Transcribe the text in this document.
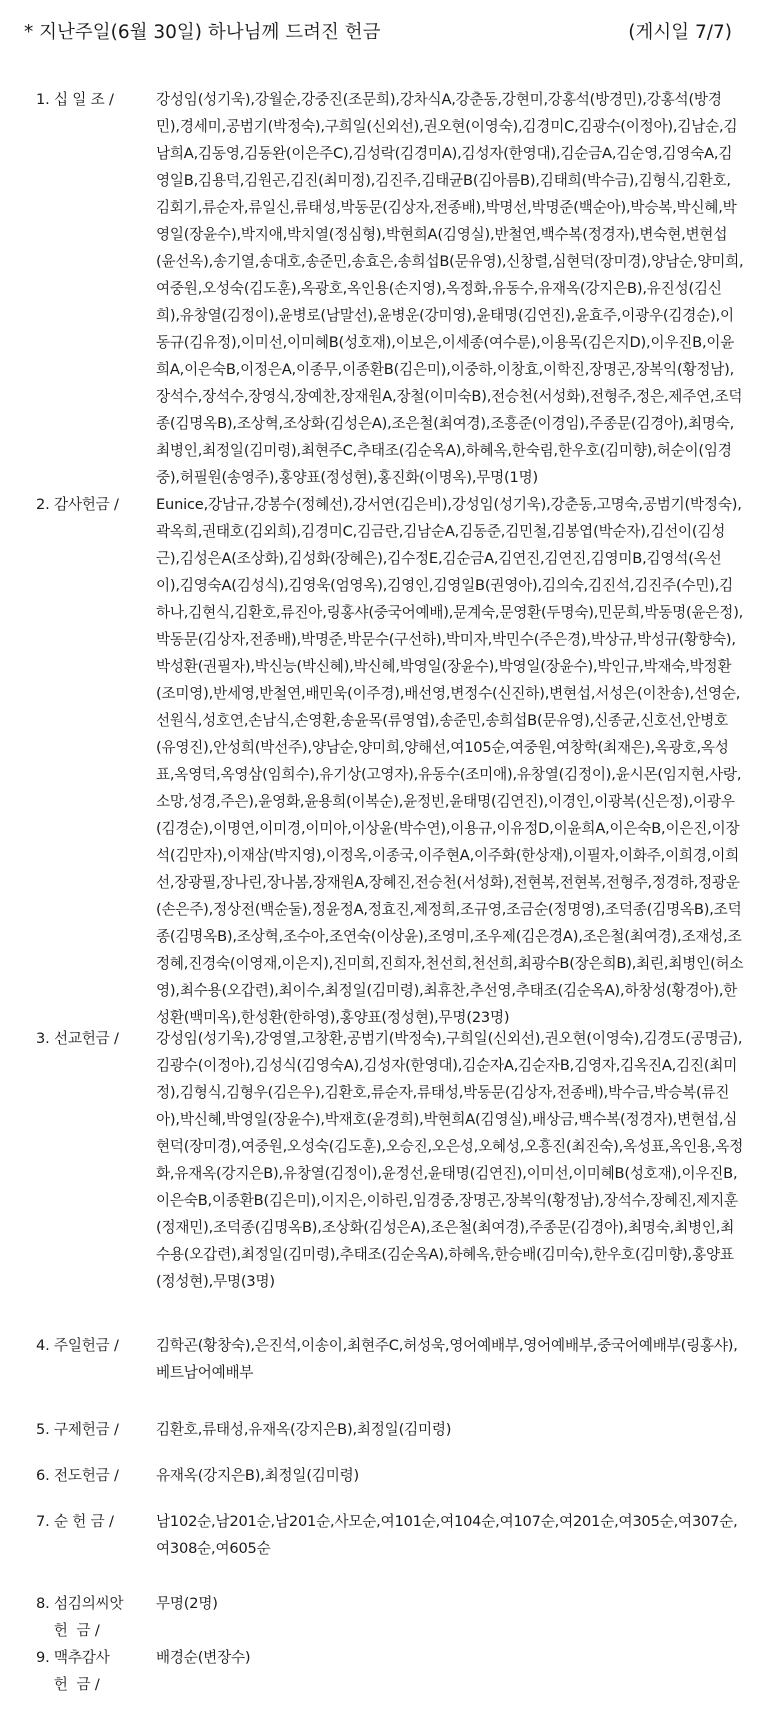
* 지난주일(6월 30일) 하나님께 드려진 헌금	(게시일 7/7)
1. 십 일 조 /	강성임(성기욱),강월순,강중진(조문희),강차식A,강춘동,강현미,강홍석(방경민),강홍석(방경민),경세미,공범기(박정숙),구희일(신외선),권오현(이영숙),김경미C,김광수(이정아),김남순,김남희A,김동영,김동완(이은주C),김성락(김경미A),김성자(한영대),김순금A,김순영,김영숙A,김영일B,김용덕,김원곤,김진(최미정),김진주,김태균B(김아름B),김태희(박수금),김형식,김환호,김회기,류순자,류일신,류태성,박동문(김상자,전종배),박명선,박명준(백순아),박승복,박신혜,박영일(장윤수),박지애,박치열(정심형),박현희A(김영실),반철연,백수복(정경자),변숙현,변현섭(윤선옥),송기열,송대호,송준민,송효은,송희섭B(문유영),신창렬,심현덕(장미경),양남순,양미희,여중원,오성숙(김도훈),옥광호,옥인용(손지영),옥정화,유동수,유재옥(강지은B),유진성(김신희),유창열(김정이),윤병로(남말선),윤병운(강미영),윤태명(김연진),윤효주,이광우(김경순),이동규(김유정),이미선,이미혜B(성호재),이보은,이세종(여수룬),이용목(김은지D),이우진B,이윤희A,이은숙B,이정은A,이종무,이종환B(김은미),이중하,이창효,이학진,장명곤,장복익(황정남),장석수,장석수,장영식,장예찬,장재원A,장철(이미숙B),전승천(서성화),전형주,정은,제주연,조덕종(김명옥B),조상혁,조상화(김성은A),조은철(최여경),조흥준(이경임),주종문(김경아),최명숙,최병인,최정일(김미령),최현주C,추태조(김순옥A),하혜옥,한숙림,한우호(김미향),허순이(임경중),허필원(송영주),홍양표(정성현),홍진화(이명옥),무명(1명)
2. 감사헌금 /	Eunice,강남규,강봉수(정혜선),강서연(김은비),강성임(성기욱),강춘동,고명숙,공범기(박정숙),곽옥희,권태호(김외희),김경미C,김금란,김남순A,김동준,김민철,김봉엽(박순자),김선이(김성근),김성은A(조상화),김성화(장혜은),김수정E,김순금A,김연진,김연진,김영미B,김영석(옥선이),김영숙A(김성식),김영욱(엄영옥),김영인,김영일B(권영아),김의숙,김진석,김진주(수민),김하나,김현식,김환호,류진아,링홍샤(중국어예배),문계숙,문영환(두명숙),민문희,박동명(윤은정),박동문(김상자,전종배),박명준,박문수(구선하),박미자,박민수(주은경),박상규,박성규(황향숙),박성환(권필자),박신능(박신혜),박신혜,박영일(장윤수),박영일(장윤수),박인규,박재숙,박정환(조미영),반세영,반철연,배민욱(이주경),배선영,변정수(신진하),변현섭,서성은(이찬송),선영순,선원식,성호연,손남식,손영환,송윤목(류영엽),송준민,송희섭B(문유영),신종균,신호선,안병호(유영진),안성희(박선주),양남순,양미희,양해선,여105순,여중원,여창학(최재은),옥광호,옥성표,옥영덕,옥영삼(임희수),유기상(고영자),유동수(조미애),유창열(김정이),윤시몬(임지현,사랑,소망,성경,주은),윤영화,윤용희(이복순),윤정빈,윤태명(김연진),이경인,이광복(신은정),이광우(김경순),이명연,이미경,이미아,이상윤(박수연),이용규,이유정D,이윤희A,이은숙B,이은진,이장석(김만자),이재삼(박지영),이정옥,이종국,이주현A,이주화(한상재),이필자,이화주,이희경,이희선,장광필,장나린,장나봄,장재원A,장혜진,전승천(서성화),전현복,전현복,전형주,정경하,정광운(손은주),정상전(백순둘),정윤정A,정효진,제정희,조규영,조금순(정명영),조덕종(김명옥B),조덕종(김명옥B),조상혁,조수아,조연숙(이상윤),조영미,조우제(김은경A),조은철(최여경),조재성,조정혜,진경숙(이영재,이은지),진미희,진희자,천선희,천선희,최광수B(장은희B),최린,최병인(허소영),최수용(오갑련),최이수,최정일(김미령),최휴찬,추선영,추태조(김순옥A),하창성(황경아),한성환(백미옥),한성환(한하영),홍양표(정성현),무명(23명)
3. 선교헌금 /	강성임(성기욱),강영열,고창환,공범기(박정숙),구희일(신외선),권오현(이영숙),김경도(공명금),김광수(이정아),김성식(김영숙A),김성자(한영대),김순자A,김순자B,김영자,김옥진A,김진(최미정),김형식,김형우(김은우),김환호,류순자,류태성,박동문(김상자,전종배),박수금,박승복(류진아),박신혜,박영일(장윤수),박재호(윤경희),박현희A(김영실),배상금,백수복(정경자),변현섭,심현덕(장미경),여중원,오성숙(김도훈),오승진,오은성,오혜성,오흥진(최진숙),옥성표,옥인용,옥정화,유재옥(강지은B),유창열(김정이),윤정선,윤태명(김연진),이미선,이미혜B(성호재),이우진B,이은숙B,이종환B(김은미),이지은,이하린,임경중,장명곤,장복익(황정남),장석수,장혜진,제지훈(정재민),조덕종(김명옥B),조상화(김성은A),조은철(최여경),주종문(김경아),최명숙,최병인,최수용(오갑련),최정일(김미령),추태조(김순옥A),하혜옥,한승배(김미숙),한우호(김미향),홍양표(정성현),무명(3명)
4. 주일헌금 /	김학곤(황창숙),은진석,이송이,최현주C,허성욱,영어예배부,영어예배부,중국어예배부(링홍샤),베트남어예배부
5. 구제헌금 /	김환호,류태성,유재옥(강지은B),최정일(김미령)
6. 전도헌금 /	유재옥(강지은B),최정일(김미령)
7. 순 헌 금 /	남102순,남201순,남201순,사모순,여101순,여104순,여107순,여201순,여305순,여307순,여308순,여605순
8. 섬김의씨앗
헌  금 /
무명(2명)
9. 맥추감사
헌  금 /
배경순(변장수)
